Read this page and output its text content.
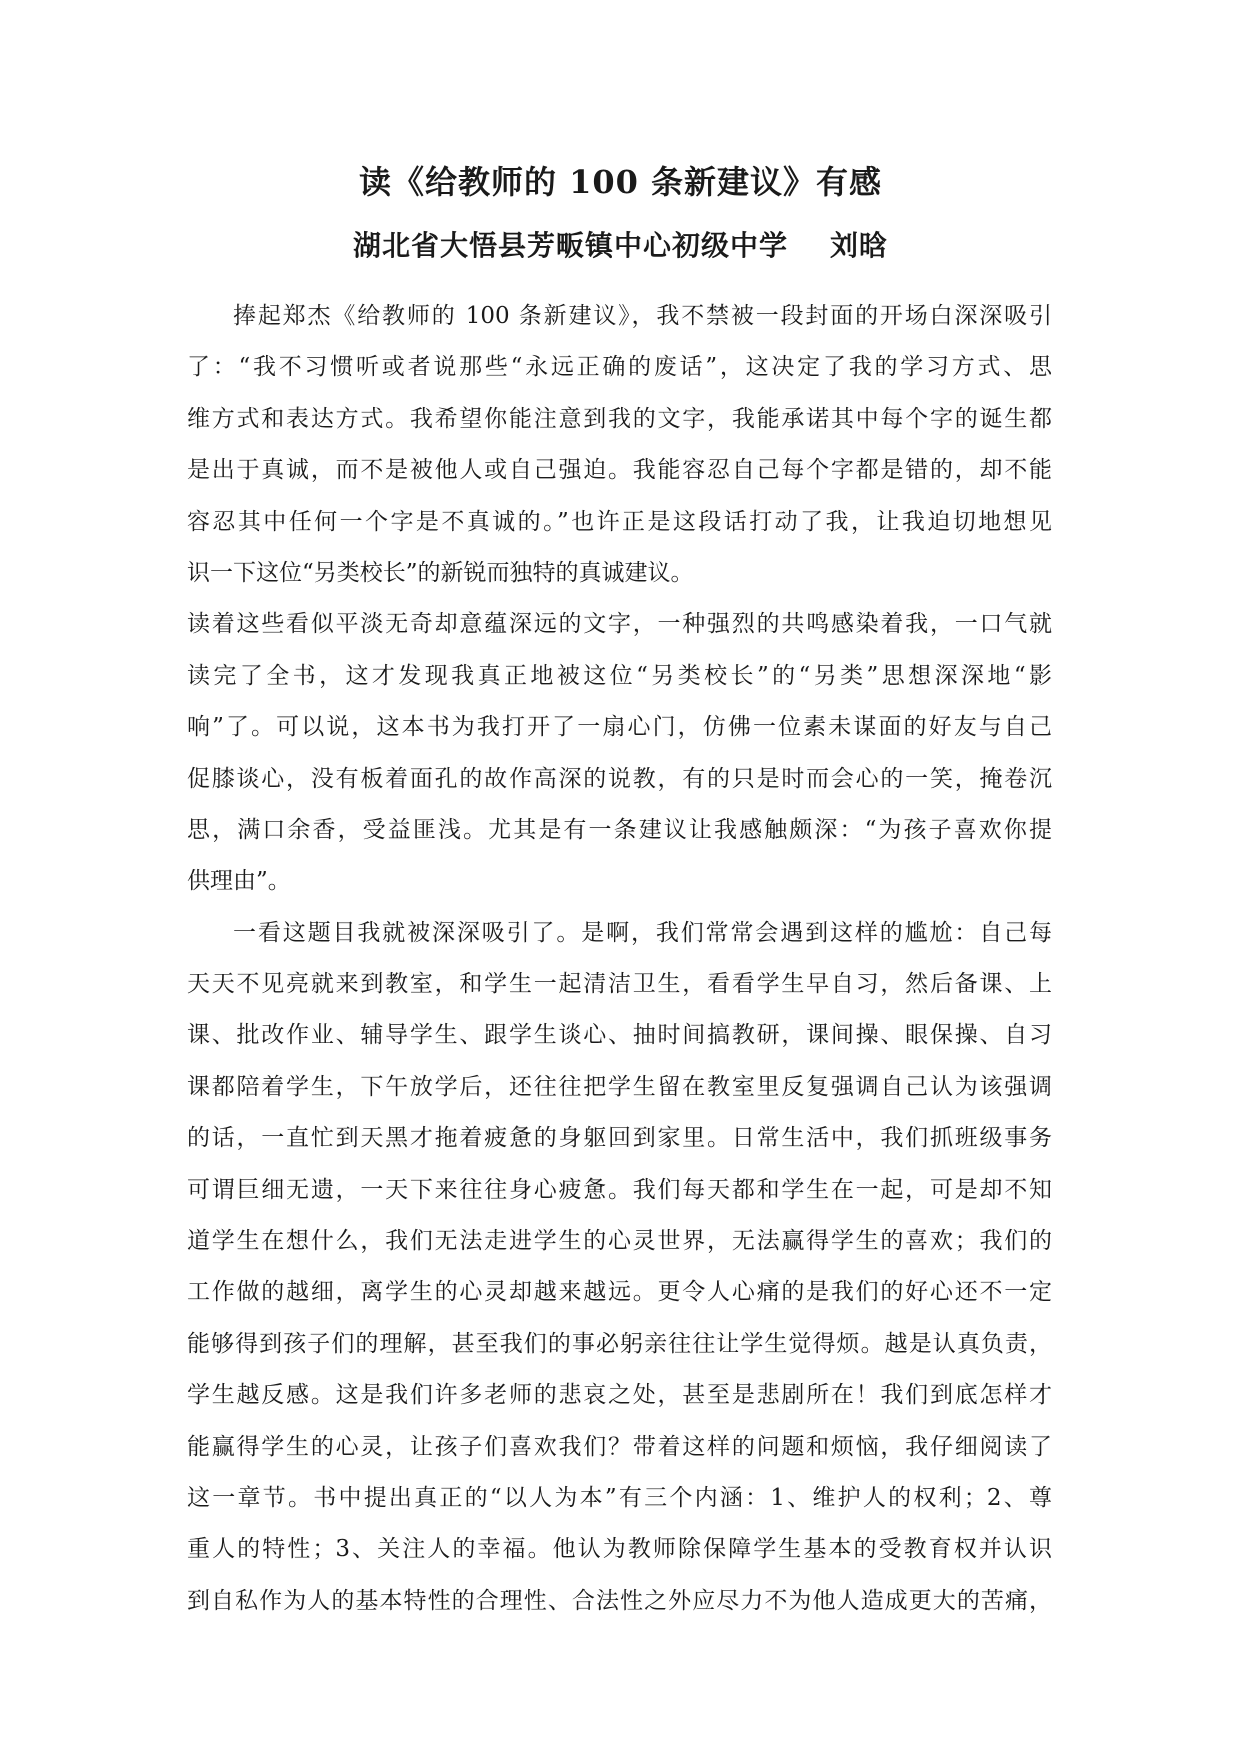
读《给教师的 100 条新建议》有感
湖北省大悟县芳畈镇中心初级中学 刘晗
捧起郑杰《给教师的 100 条新建议》，我不禁被一段封面的开场白深深吸引
了：“我不习惯听或者说那些“永远正确的废话”，这决定了我的学习方式、思
维方式和表达方式。我希望你能注意到我的文字，我能承诺其中每个字的诞生都
是出于真诚，而不是被他人或自己强迫。我能容忍自己每个字都是错的，却不能
容忍其中任何一个字是不真诚的。”也许正是这段话打动了我，让我迫切地想见
识一下这位“另类校长”的新锐而独特的真诚建议。
读着这些看似平淡无奇却意蕴深远的文字，一种强烈的共鸣感染着我，一口气就
读完了全书，这才发现我真正地被这位“另类校长”的“另类”思想深深地“影
响”了。可以说，这本书为我打开了一扇心门，仿佛一位素未谋面的好友与自己
促膝谈心，没有板着面孔的故作高深的说教，有的只是时而会心的一笑，掩卷沉
思，满口余香，受益匪浅。尤其是有一条建议让我感触颇深：“为孩子喜欢你提
供理由”。
一看这题目我就被深深吸引了。是啊，我们常常会遇到这样的尴尬：自己每
天天不见亮就来到教室，和学生一起清洁卫生，看看学生早自习，然后备课、上
课、批改作业、辅导学生、跟学生谈心、抽时间搞教研，课间操、眼保操、自习
课都陪着学生，下午放学后，还往往把学生留在教室里反复强调自己认为该强调
的话，一直忙到天黑才拖着疲惫的身躯回到家里。日常生活中，我们抓班级事务
可谓巨细无遗，一天下来往往身心疲惫。我们每天都和学生在一起，可是却不知
道学生在想什么，我们无法走进学生的心灵世界，无法赢得学生的喜欢；我们的
工作做的越细，离学生的心灵却越来越远。更令人心痛的是我们的好心还不一定
能够得到孩子们的理解，甚至我们的事必躬亲往往让学生觉得烦。越是认真负责，
学生越反感。这是我们许多老师的悲哀之处，甚至是悲剧所在！我们到底怎样才
能赢得学生的心灵，让孩子们喜欢我们？带着这样的问题和烦恼，我仔细阅读了
这一章节。书中提出真正的“以人为本”有三个内涵：1、维护人的权利；2、尊
重人的特性；3、关注人的幸福。他认为教师除保障学生基本的受教育权并认识
到自私作为人的基本特性的合理性、合法性之外应尽力不为他人造成更大的苦痛，
